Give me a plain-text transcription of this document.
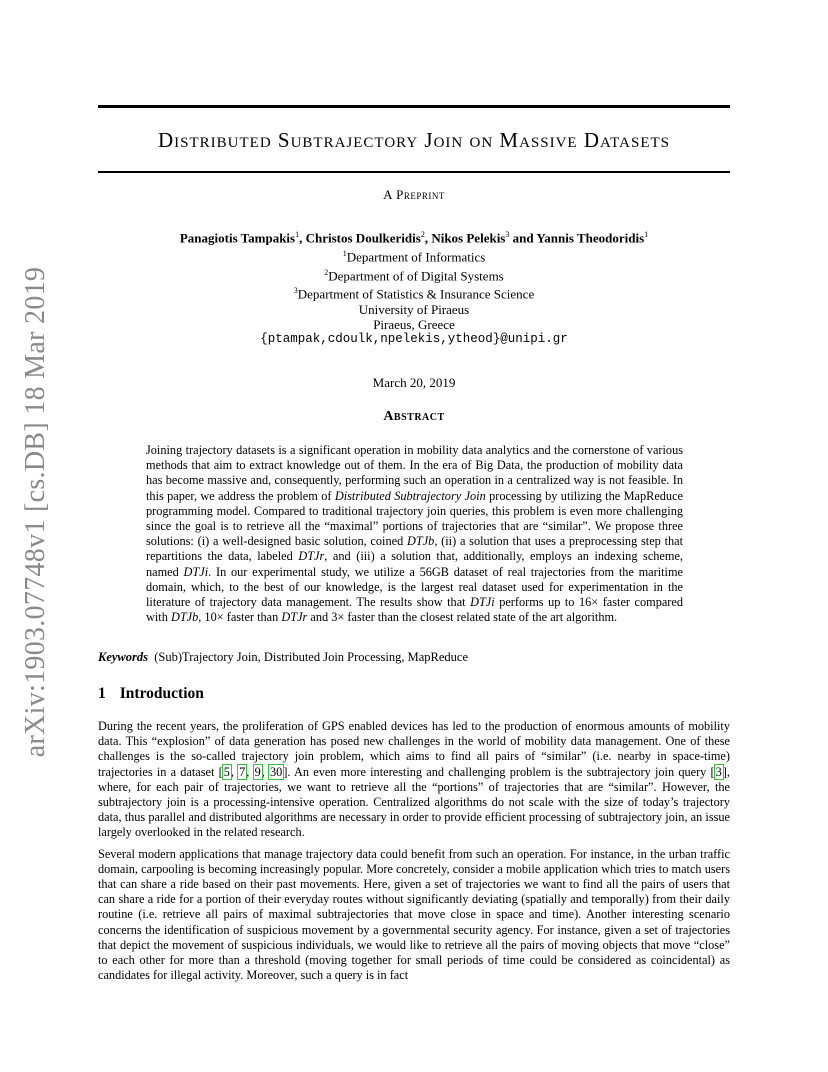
arXiv:1903.07748v1 [cs.DB] 18 Mar 2019
Distributed Subtrajectory Join on Massive Datasets
A Preprint
Panagiotis Tampakis$^1$, Christos Doulkeridis$^2$, Nikos Pelekis$^3$ and Yannis Theodoridis$^1$
$^1$Department of Informatics
$^2$Department of of Digital Systems
$^3$Department of Statistics & Insurance Science
University of Piraeus
Piraeus, Greece
{ptampak,cdoulk,npelekis,ytheod}@unipi.gr
March 20, 2019
Abstract

Joining trajectory datasets is a significant operation in mobility data analytics and the cornerstone of various methods that aim to extract knowledge out of them. In the era of Big Data, the production of mobility data has become massive and, consequently, performing such an operation in a centralized way is not feasible. In this paper, we address the problem of Distributed Subtrajectory Join processing by utilizing the MapReduce programming model. Compared to traditional trajectory join queries, this problem is even more challenging since the goal is to retrieve all the “maximal” portions of trajectories that are “similar”. We propose three solutions: (i) a well-designed basic solution, coined DTJb, (ii) a solution that uses a preprocessing step that repartitions the data, labeled DTJr, and (iii) a solution that, additionally, employs an indexing scheme, named DTJi. In our experimental study, we utilize a 56GB dataset of real trajectories from the maritime domain, which, to the best of our knowledge, is the largest real dataset used for experimentation in the literature of trajectory data management. The results show that DTJi performs up to 16× faster compared with DTJb, 10× faster than DTJr and 3× faster than the closest related state of the art algorithm.

Keywords (Sub)Trajectory Join, Distributed Join Processing, MapReduce
1 Introduction

During the recent years, the proliferation of GPS enabled devices has led to the production of enormous amounts of mobility data. This “explosion” of data generation has posed new challenges in the world of mobility data management. One of these challenges is the so-called trajectory join problem, which aims to find all pairs of “similar” (i.e. nearby in space-time) trajectories in a dataset [5, 7, 9, 30]. An even more interesting and challenging problem is the subtrajectory join query [3], where, for each pair of trajectories, we want to retrieve all the “portions” of trajectories that are “similar”. However, the subtrajectory join is a processing-intensive operation. Centralized algorithms do not scale with the size of today’s trajectory data, thus parallel and distributed algorithms are necessary in order to provide efficient processing of subtrajectory join, an issue largely overlooked in the related research.

Several modern applications that manage trajectory data could benefit from such an operation. For instance, in the urban traffic domain, carpooling is becoming increasingly popular. More concretely, consider a mobile application which tries to match users that can share a ride based on their past movements. Here, given a set of trajectories we want to find all the pairs of users that can share a ride for a portion of their everyday routes without significantly deviating (spatially and temporally) from their daily routine (i.e. retrieve all pairs of maximal subtrajectories that move close in space and time). Another interesting scenario concerns the identification of suspicious movement by a governmental security agency. For instance, given a set of trajectories that depict the movement of suspicious individuals, we would like to retrieve all the pairs of moving objects that move “close” to each other for more than a threshold (moving together for small periods of time could be considered as coincidental) as candidates for illegal activity. Moreover, such a query is in fact
